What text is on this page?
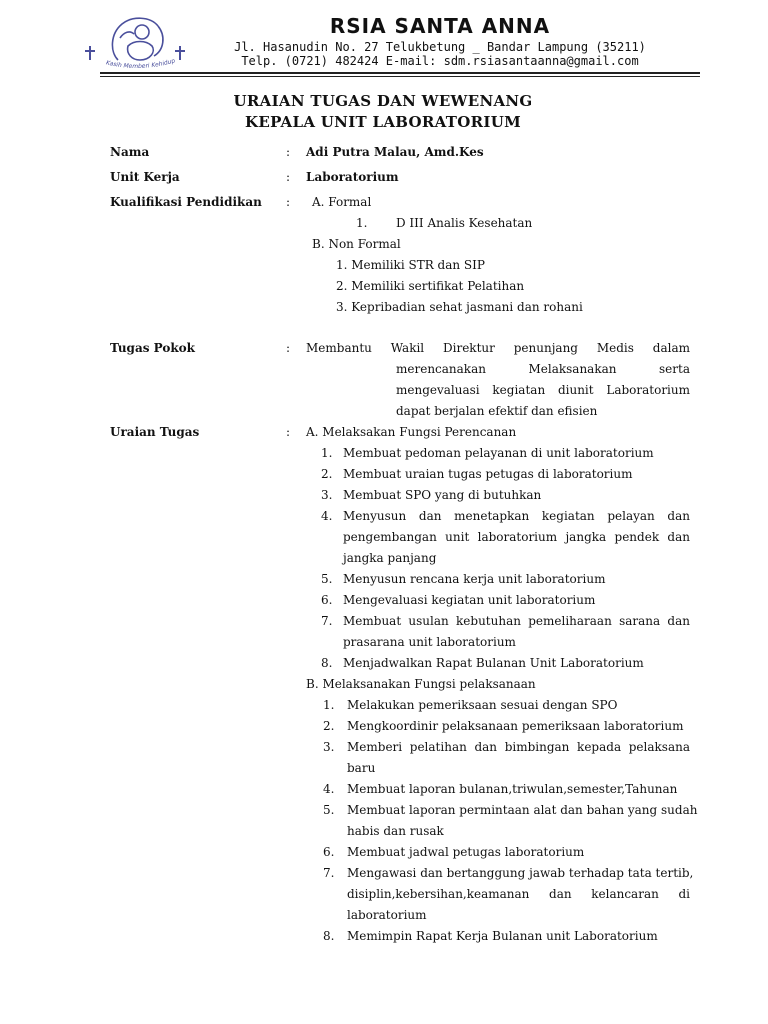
Kasih Memberi Kehidup
RSIA SANTA ANNA
Jl. Hasanudin No. 27 Telukbetung _ Bandar Lampung (35211)
Telp. (0721) 482424 E-mail: sdm.rsiasantaanna@gmail.com
URAIAN TUGAS DAN WEWENANG
KEPALA UNIT LABORATORIUM
Nama	: Adi Putra Malau, Amd.Kes
Unit Kerja	: Laboratorium
Kualifikasi Pendidikan : A. Formal
1. D III Analis Kesehatan
B. Non Formal
1. Memiliki STR dan SIP
2. Memiliki sertifikat Pelatihan
3. Kepribadian sehat jasmani dan rohani
Tugas Pokok	: Membantu Wakil Direktur penunjang Medis dalam
merencanakan Melaksanakan serta
mengevaluasi kegiatan diunit Laboratorium
dapat berjalan efektif dan efisien
Uraian Tugas	: A. Melaksakan Fungsi Perencanan
1. Membuat pedoman pelayanan di unit laboratorium
2. Membuat uraian tugas petugas di laboratorium
3. Membuat SPO yang di butuhkan
4. Menyusun dan menetapkan kegiatan pelayan dan
pengembangan unit laboratorium jangka pendek dan
jangka panjang
5. Menyusun rencana kerja unit laboratorium
6. Mengevaluasi kegiatan unit laboratorium
7. Membuat usulan kebutuhan pemeliharaan sarana dan
prasarana unit laboratorium
8. Menjadwalkan Rapat Bulanan Unit Laboratorium
B. Melaksanakan Fungsi pelaksanaan
1. Melakukan pemeriksaan sesuai dengan SPO
2. Mengkoordinir pelaksanaan pemeriksaan laboratorium
3. Memberi pelatihan dan bimbingan kepada pelaksana
baru
4. Membuat laporan bulanan,triwulan,semester,Tahunan
5. Membuat laporan permintaan alat dan bahan yang sudah
habis dan rusak
6. Membuat jadwal petugas laboratorium
7. Mengawasi dan bertanggung jawab terhadap tata tertib,
disiplin,kebersihan,keamanan dan kelancaran di
laboratorium
8. Memimpin Rapat Kerja Bulanan unit Laboratorium
